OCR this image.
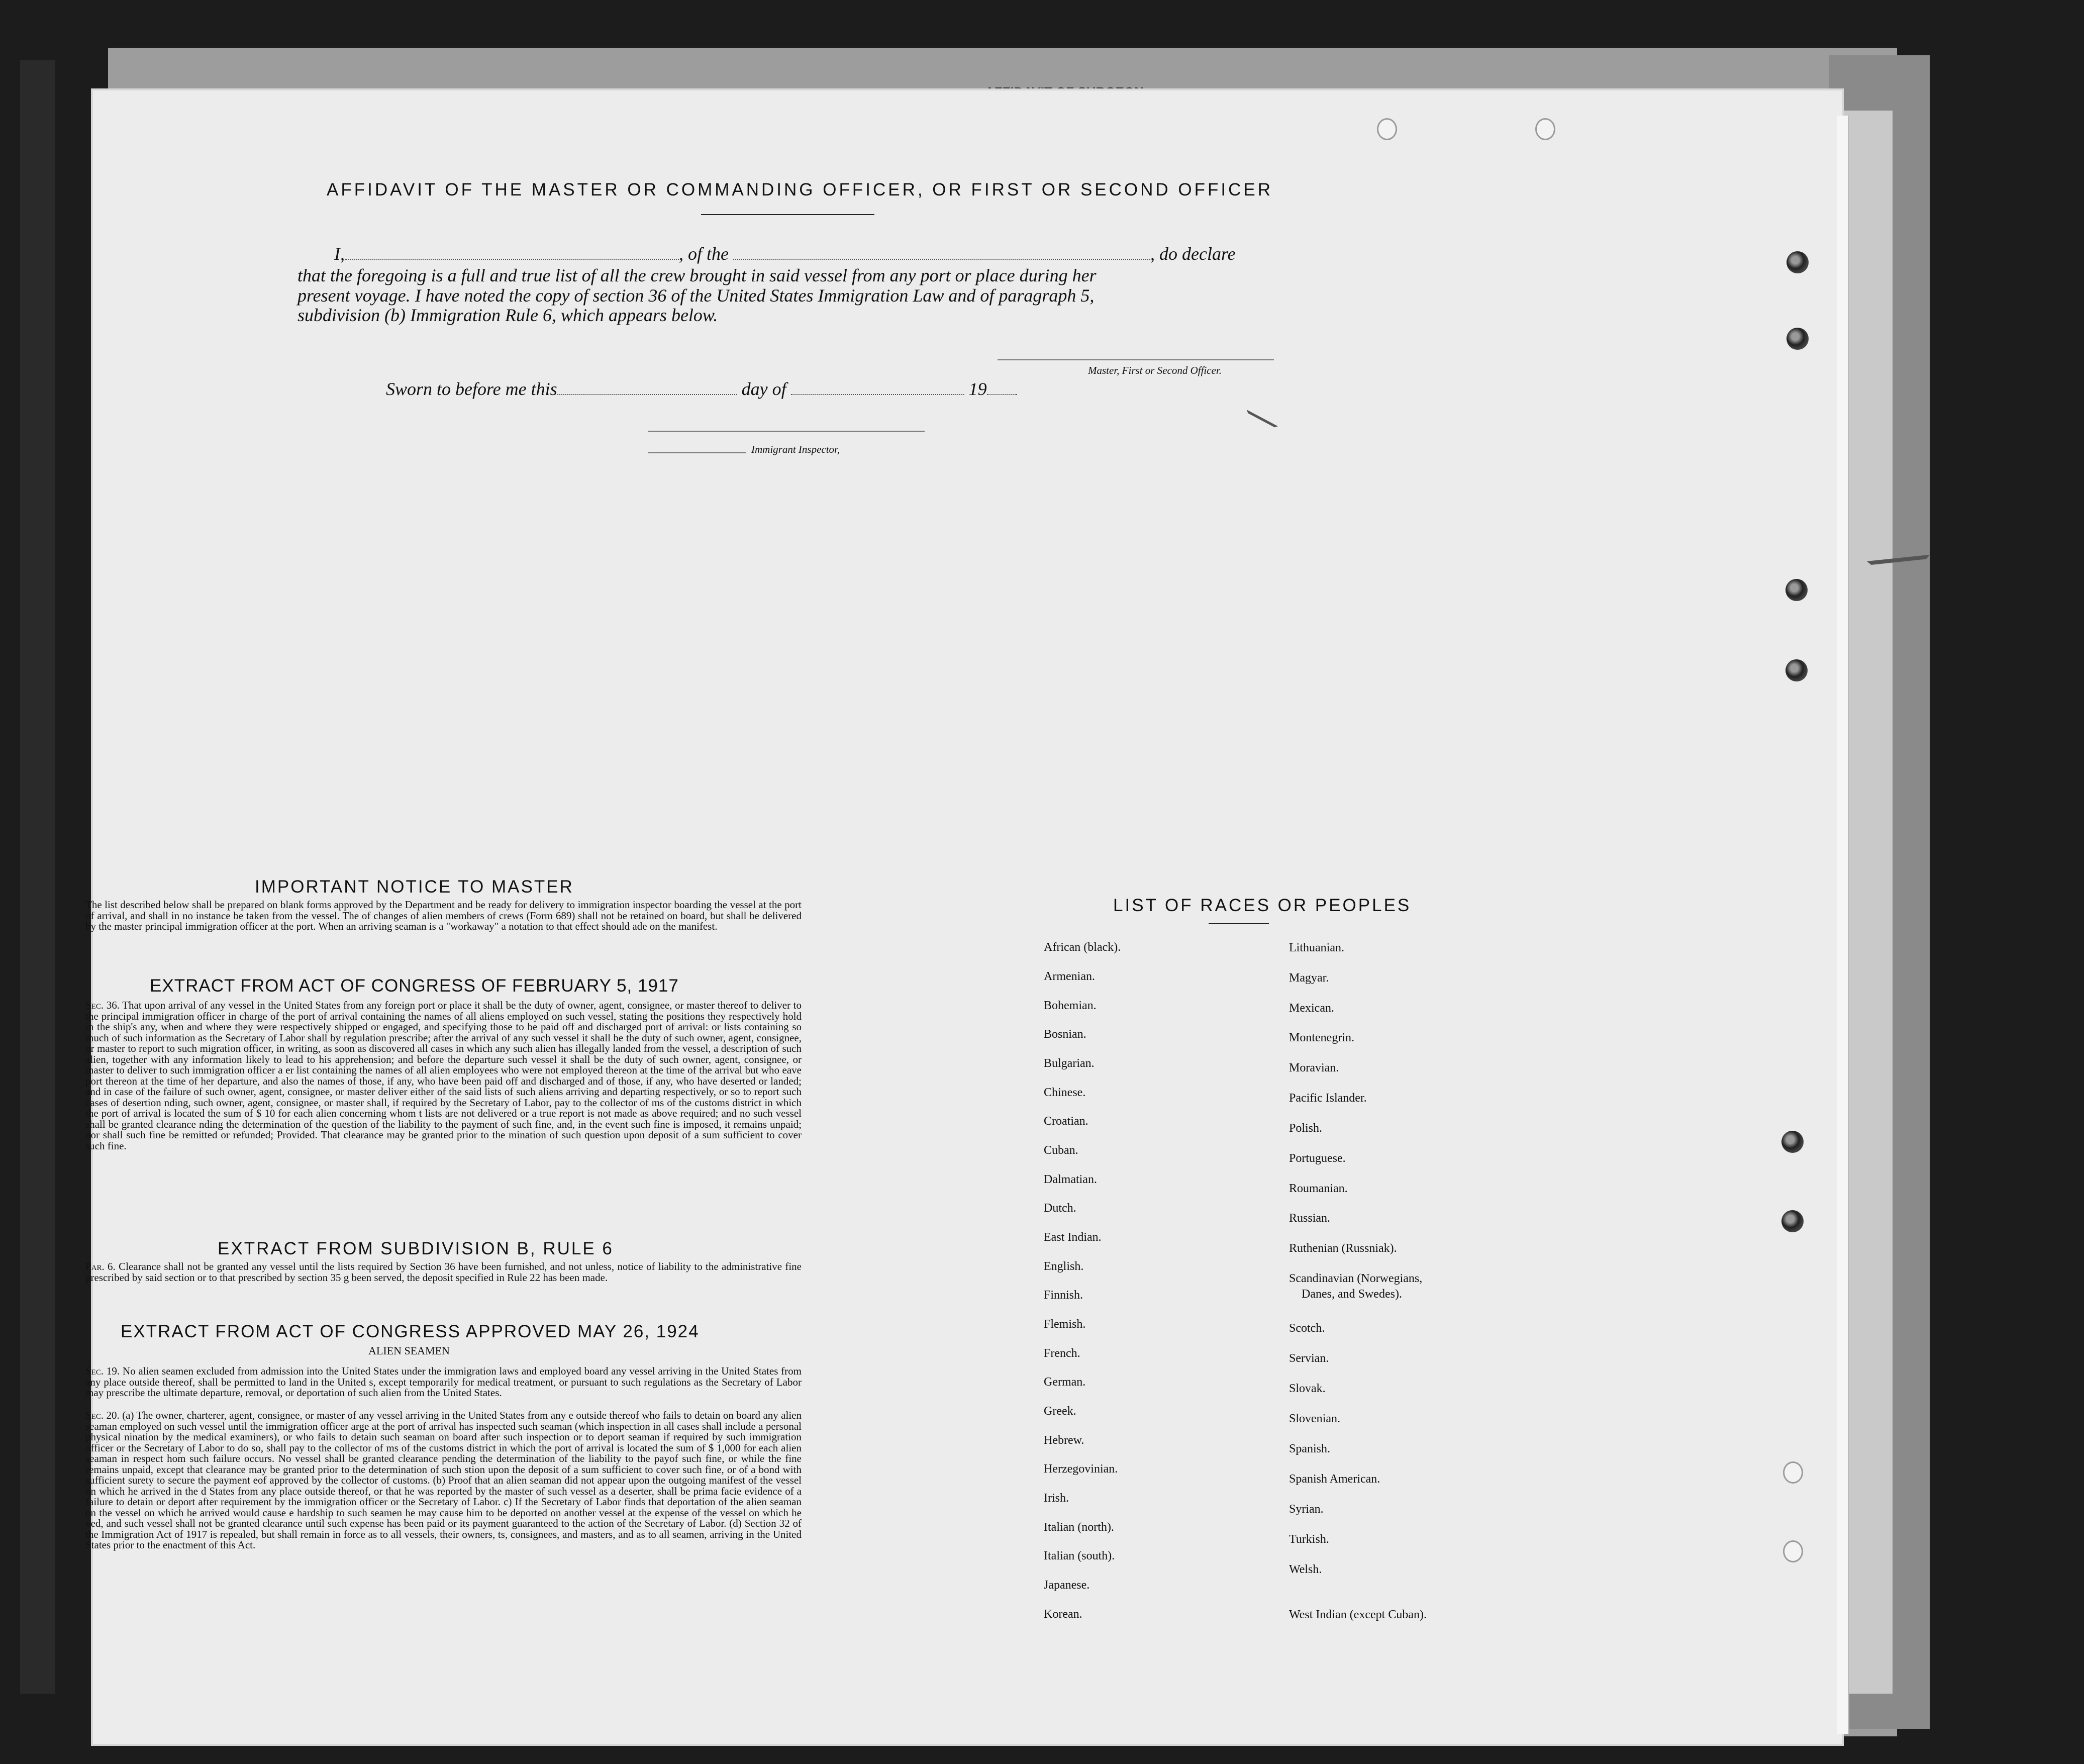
AFFIDAVIT OF THE MASTER OR COMMANDING OFFICER, OR FIRST OR SECOND OFFICER
I,	, of the	, do declare
that the foregoing is a full and true list of all the crew brought in said vessel from any port or place during her
present voyage. I have noted the copy of section 36 of the United States Immigration Law and of paragraph 5,
subdivision (b) Immigration Rule 6, which appears below.
Master, First or Second Officer.
Sworn to before me this	day of	19
Immigrant Inspector,
IMPORTANT NOTICE TO MASTER
The list described below shall be prepared on blank forms approved by the Department and be ready for delivery to immigration inspector boarding the vessel at the port of arrival, and shall in no instance be taken from the vessel. The of changes of alien members of crews (Form 689) shall not be retained on board, but shall be delivered by the master principal immigration officer at the port. When an arriving seaman is a "workaway" a notation to that effect should ade on the manifest.
EXTRACT FROM ACT OF CONGRESS OF FEBRUARY 5, 1917
Sec. 36. That upon arrival of any vessel in the United States from any foreign port or place it shall be the duty of owner, agent, consignee, or master thereof to deliver to the principal immigration officer in charge of the port of arrival containing the names of all aliens employed on such vessel, stating the positions they respectively hold in the ship's any, when and where they were respectively shipped or engaged, and specifying those to be paid off and discharged port of arrival: or lists containing so much of such information as the Secretary of Labor shall by regulation prescribe; after the arrival of any such vessel it shall be the duty of such owner, agent, consignee, or master to report to such migration officer, in writing, as soon as discovered all cases in which any such alien has illegally landed from the vessel, a description of such alien, together with any information likely to lead to his apprehension; and before the departure such vessel it shall be the duty of such owner, agent, consignee, or master to deliver to such immigration officer a er list containing the names of all alien employees who were not employed thereon at the time of the arrival but who eave port thereon at the time of her departure, and also the names of those, if any, who have been paid off and discharged and of those, if any, who have deserted or landed; and in case of the failure of such owner, agent, consignee, or master deliver either of the said lists of such aliens arriving and departing respectively, or so to report such cases of desertion nding, such owner, agent, consignee, or master shall, if required by the Secretary of Labor, pay to the collector of ms of the customs district in which the port of arrival is located the sum of $ 10 for each alien concerning whom t lists are not delivered or a true report is not made as above required; and no such vessel shall be granted clearance nding the determination of the question of the liability to the payment of such fine, and, in the event such fine is imposed, it remains unpaid; nor shall such fine be remitted or refunded; Provided. That clearance may be granted prior to the mination of such question upon deposit of a sum sufficient to cover such fine.
EXTRACT FROM SUBDIVISION B, RULE 6
Par. 6. Clearance shall not be granted any vessel until the lists required by Section 36 have been furnished, and not unless, notice of liability to the administrative fine prescribed by said section or to that prescribed by section 35 g been served, the deposit specified in Rule 22 has been made.
EXTRACT FROM ACT OF CONGRESS APPROVED MAY 26, 1924
ALIEN SEAMEN
Sec. 19. No alien seamen excluded from admission into the United States under the immigration laws and employed board any vessel arriving in the United States from any place outside thereof, shall be permitted to land in the United s, except temporarily for medical treatment, or pursuant to such regulations as the Secretary of Labor may prescribe the ultimate departure, removal, or deportation of such alien from the United States.
Sec. 20. (a) The owner, charterer, agent, consignee, or master of any vessel arriving in the United States from any e outside thereof who fails to detain on board any alien seaman employed on such vessel until the immigration officer arge at the port of arrival has inspected such seaman (which inspection in all cases shall include a personal physical nination by the medical examiners), or who fails to detain such seaman on board after such inspection or to deport seaman if required by such immigration officer or the Secretary of Labor to do so, shall pay to the collector of ms of the customs district in which the port of arrival is located the sum of $ 1,000 for each alien seaman in respect hom such failure occurs. No vessel shall be granted clearance pending the determination of the liability to the payof such fine, or while the fine remains unpaid, except that clearance may be granted prior to the determination of such stion upon the deposit of a sum sufficient to cover such fine, or of a bond with sufficient surety to secure the payment eof approved by the collector of customs. (b) Proof that an alien seaman did not appear upon the outgoing manifest of the vessel on which he arrived in the d States from any place outside thereof, or that he was reported by the master of such vessel as a deserter, shall be prima facie evidence of a failure to detain or deport after requirement by the immigration officer or the Secretary of Labor. c) If the Secretary of Labor finds that deportation of the alien seaman on the vessel on which he arrived would cause e hardship to such seamen he may cause him to be deported on another vessel at the expense of the vessel on which he ved, and such vessel shall not be granted clearance until such expense has been paid or its payment guaranteed to the action of the Secretary of Labor. (d) Section 32 of the Immigration Act of 1917 is repealed, but shall remain in force as to all vessels, their owners, ts, consignees, and masters, and as to all seamen, arriving in the United States prior to the enactment of this Act.
LIST OF RACES OR PEOPLES
African (black).
Armenian.
Bohemian.
Bosnian.
Bulgarian.
Chinese.
Croatian.
Cuban.
Dalmatian.
Dutch.
East Indian.
English.
Finnish.
Flemish.
French.
German.
Greek.
Hebrew.
Herzegovinian.
Irish.
Italian (north).
Italian (south).
Japanese.
Korean.
Lithuanian.
Magyar.
Mexican.
Montenegrin.
Moravian.
Pacific Islander.
Polish.
Portuguese.
Roumanian.
Russian.
Ruthenian (Russniak).
Scandinavian (Norwegians,
Danes, and Swedes).
Scotch.
Servian.
Slovak.
Slovenian.
Spanish.
Spanish American.
Syrian.
Turkish.
Welsh.
West Indian (except Cuban).
